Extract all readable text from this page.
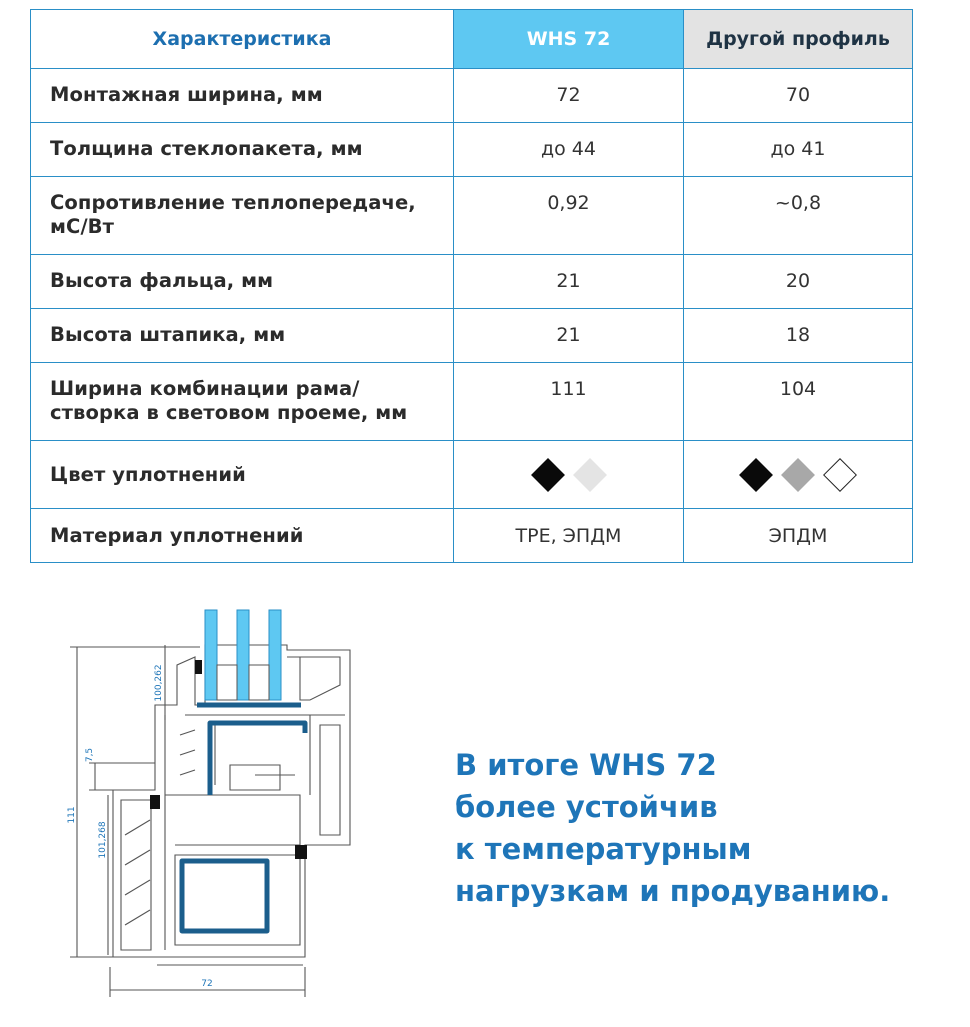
Характеристика	WHS 72	Другой профиль
Монтажная ширина, мм	72	70
Толщина стеклопакета, мм	до 44	до 41
Сопротивление теплопередаче, мС/Вт	0,92	~0,8
Высота фальца, мм	21	20
Высота штапика, мм	21	18
Ширина комбинации рама/ створка в световом проеме, мм	111	104
Цвет уплотнений	

Материал уплотнений	TPE, ЭПДМ	ЭПДМ
111
100,262
7,5
101,268
72

В итоге WHS 72
более устойчив
к температурным
нагрузкам и продуванию.
